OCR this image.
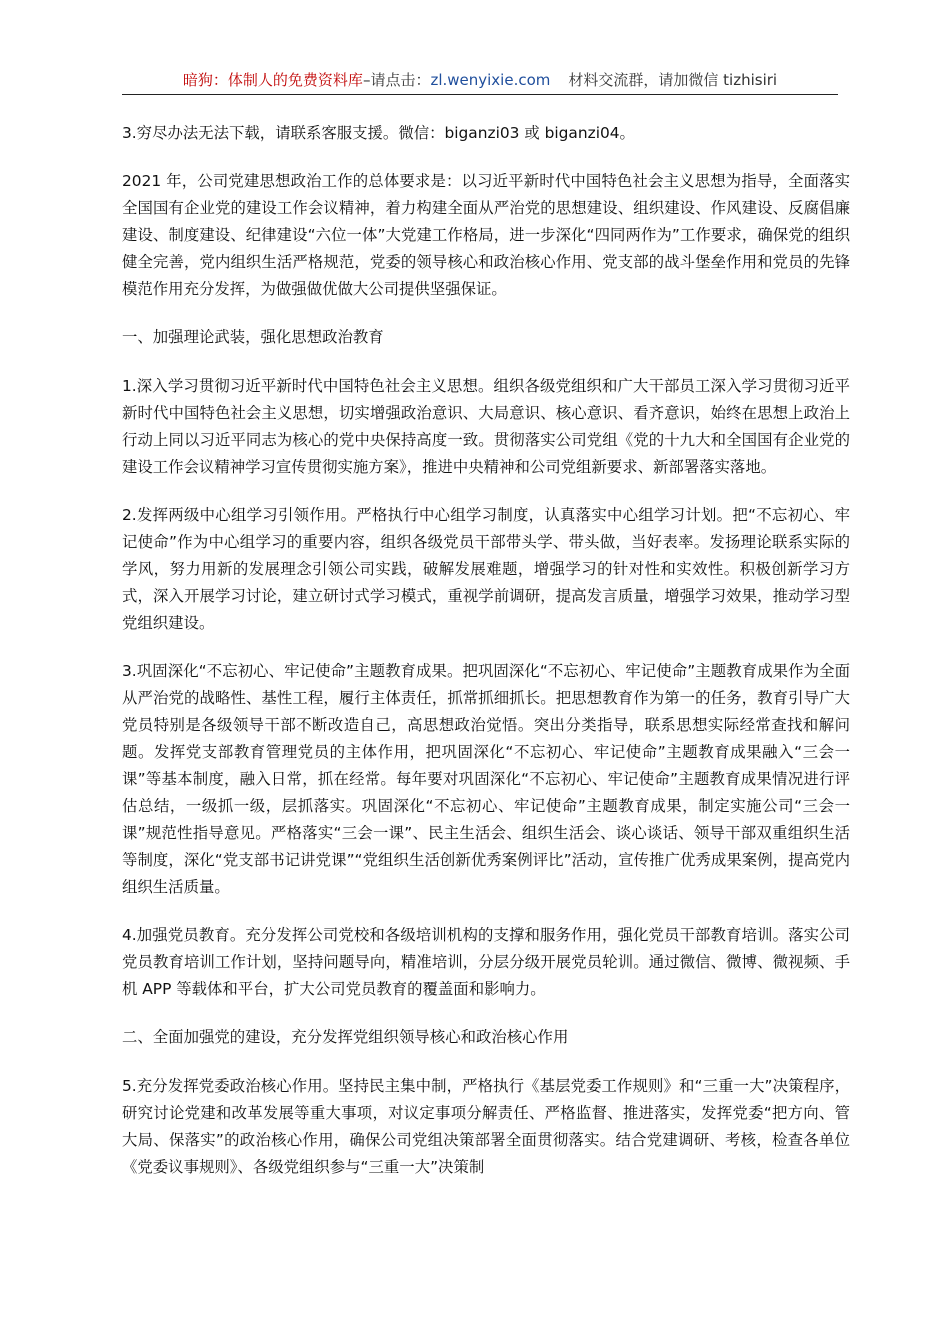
暗狗：体制人的免费资料库–请点击：zl.wenyixie.com 材料交流群，请加微信 tizhisiri

3.穷尽办法无法下载，请联系客服支援。微信：biganzi03 或 biganzi04。

2021 年，公司党建思想政治工作的总体要求是：以习近平新时代中国特色社会主义思想为指导，全面落实全国国有企业党的建设工作会议精神，着力构建全面从严治党的思想建设、组织建设、作风建设、反腐倡廉建设、制度建设、纪律建设“六位一体”大党建工作格局，进一步深化“四同两作为”工作要求，确保党的组织健全完善，党内组织生活严格规范，党委的领导核心和政治核心作用、党支部的战斗堡垒作用和党员的先锋模范作用充分发挥，为做强做优做大公司提供坚强保证。

一、加强理论武装，强化思想政治教育

1.深入学习贯彻习近平新时代中国特色社会主义思想。组织各级党组织和广大干部员工深入学习贯彻习近平新时代中国特色社会主义思想，切实增强政治意识、大局意识、核心意识、看齐意识，始终在思想上政治上行动上同以习近平同志为核心的党中央保持高度一致。贯彻落实公司党组《党的十九大和全国国有企业党的建设工作会议精神学习宣传贯彻实施方案》，推进中央精神和公司党组新要求、新部署落实落地。

2.发挥两级中心组学习引领作用。严格执行中心组学习制度，认真落实中心组学习计划。把“不忘初心、牢记使命”作为中心组学习的重要内容，组织各级党员干部带头学、带头做，当好表率。发扬理论联系实际的学风，努力用新的发展理念引领公司实践，破解发展难题，增强学习的针对性和实效性。积极创新学习方式，深入开展学习讨论，建立研讨式学习模式，重视学前调研，提高发言质量，增强学习效果，推动学习型党组织建设。

3.巩固深化“不忘初心、牢记使命”主题教育成果。把巩固深化“不忘初心、牢记使命”主题教育成果作为全面从严治党的战略性、基性工程，履行主体责任，抓常抓细抓长。把思想教育作为第一的任务，教育引导广大党员特别是各级领导干部不断改造自己，高思想政治觉悟。突出分类指导，联系思想实际经常查找和解问题。发挥党支部教育管理党员的主体作用，把巩固深化“不忘初心、牢记使命”主题教育成果融入“三会一课”等基本制度，融入日常，抓在经常。每年要对巩固深化“不忘初心、牢记使命”主题教育成果情况进行评估总结，一级抓一级，层抓落实。巩固深化“不忘初心、牢记使命”主题教育成果，制定实施公司“三会一课”规范性指导意见。严格落实“三会一课”、民主生活会、组织生活会、谈心谈话、领导干部双重组织生活等制度，深化“党支部书记讲党课”“党组织生活创新优秀案例评比”活动，宣传推广优秀成果案例，提高党内组织生活质量。

4.加强党员教育。充分发挥公司党校和各级培训机构的支撑和服务作用，强化党员干部教育培训。落实公司党员教育培训工作计划，坚持问题导向，精准培训，分层分级开展党员轮训。通过微信、微博、微视频、手机 APP 等载体和平台，扩大公司党员教育的覆盖面和影响力。

二、全面加强党的建设，充分发挥党组织领导核心和政治核心作用

5.充分发挥党委政治核心作用。坚持民主集中制，严格执行《基层党委工作规则》和“三重一大”决策程序，研究讨论党建和改革发展等重大事项，对议定事项分解责任、严格监督、推进落实，发挥党委“把方向、管大局、保落实”的政治核心作用，确保公司党组决策部署全面贯彻落实。结合党建调研、考核，检查各单位《党委议事规则》、各级党组织参与“三重一大”决策制
